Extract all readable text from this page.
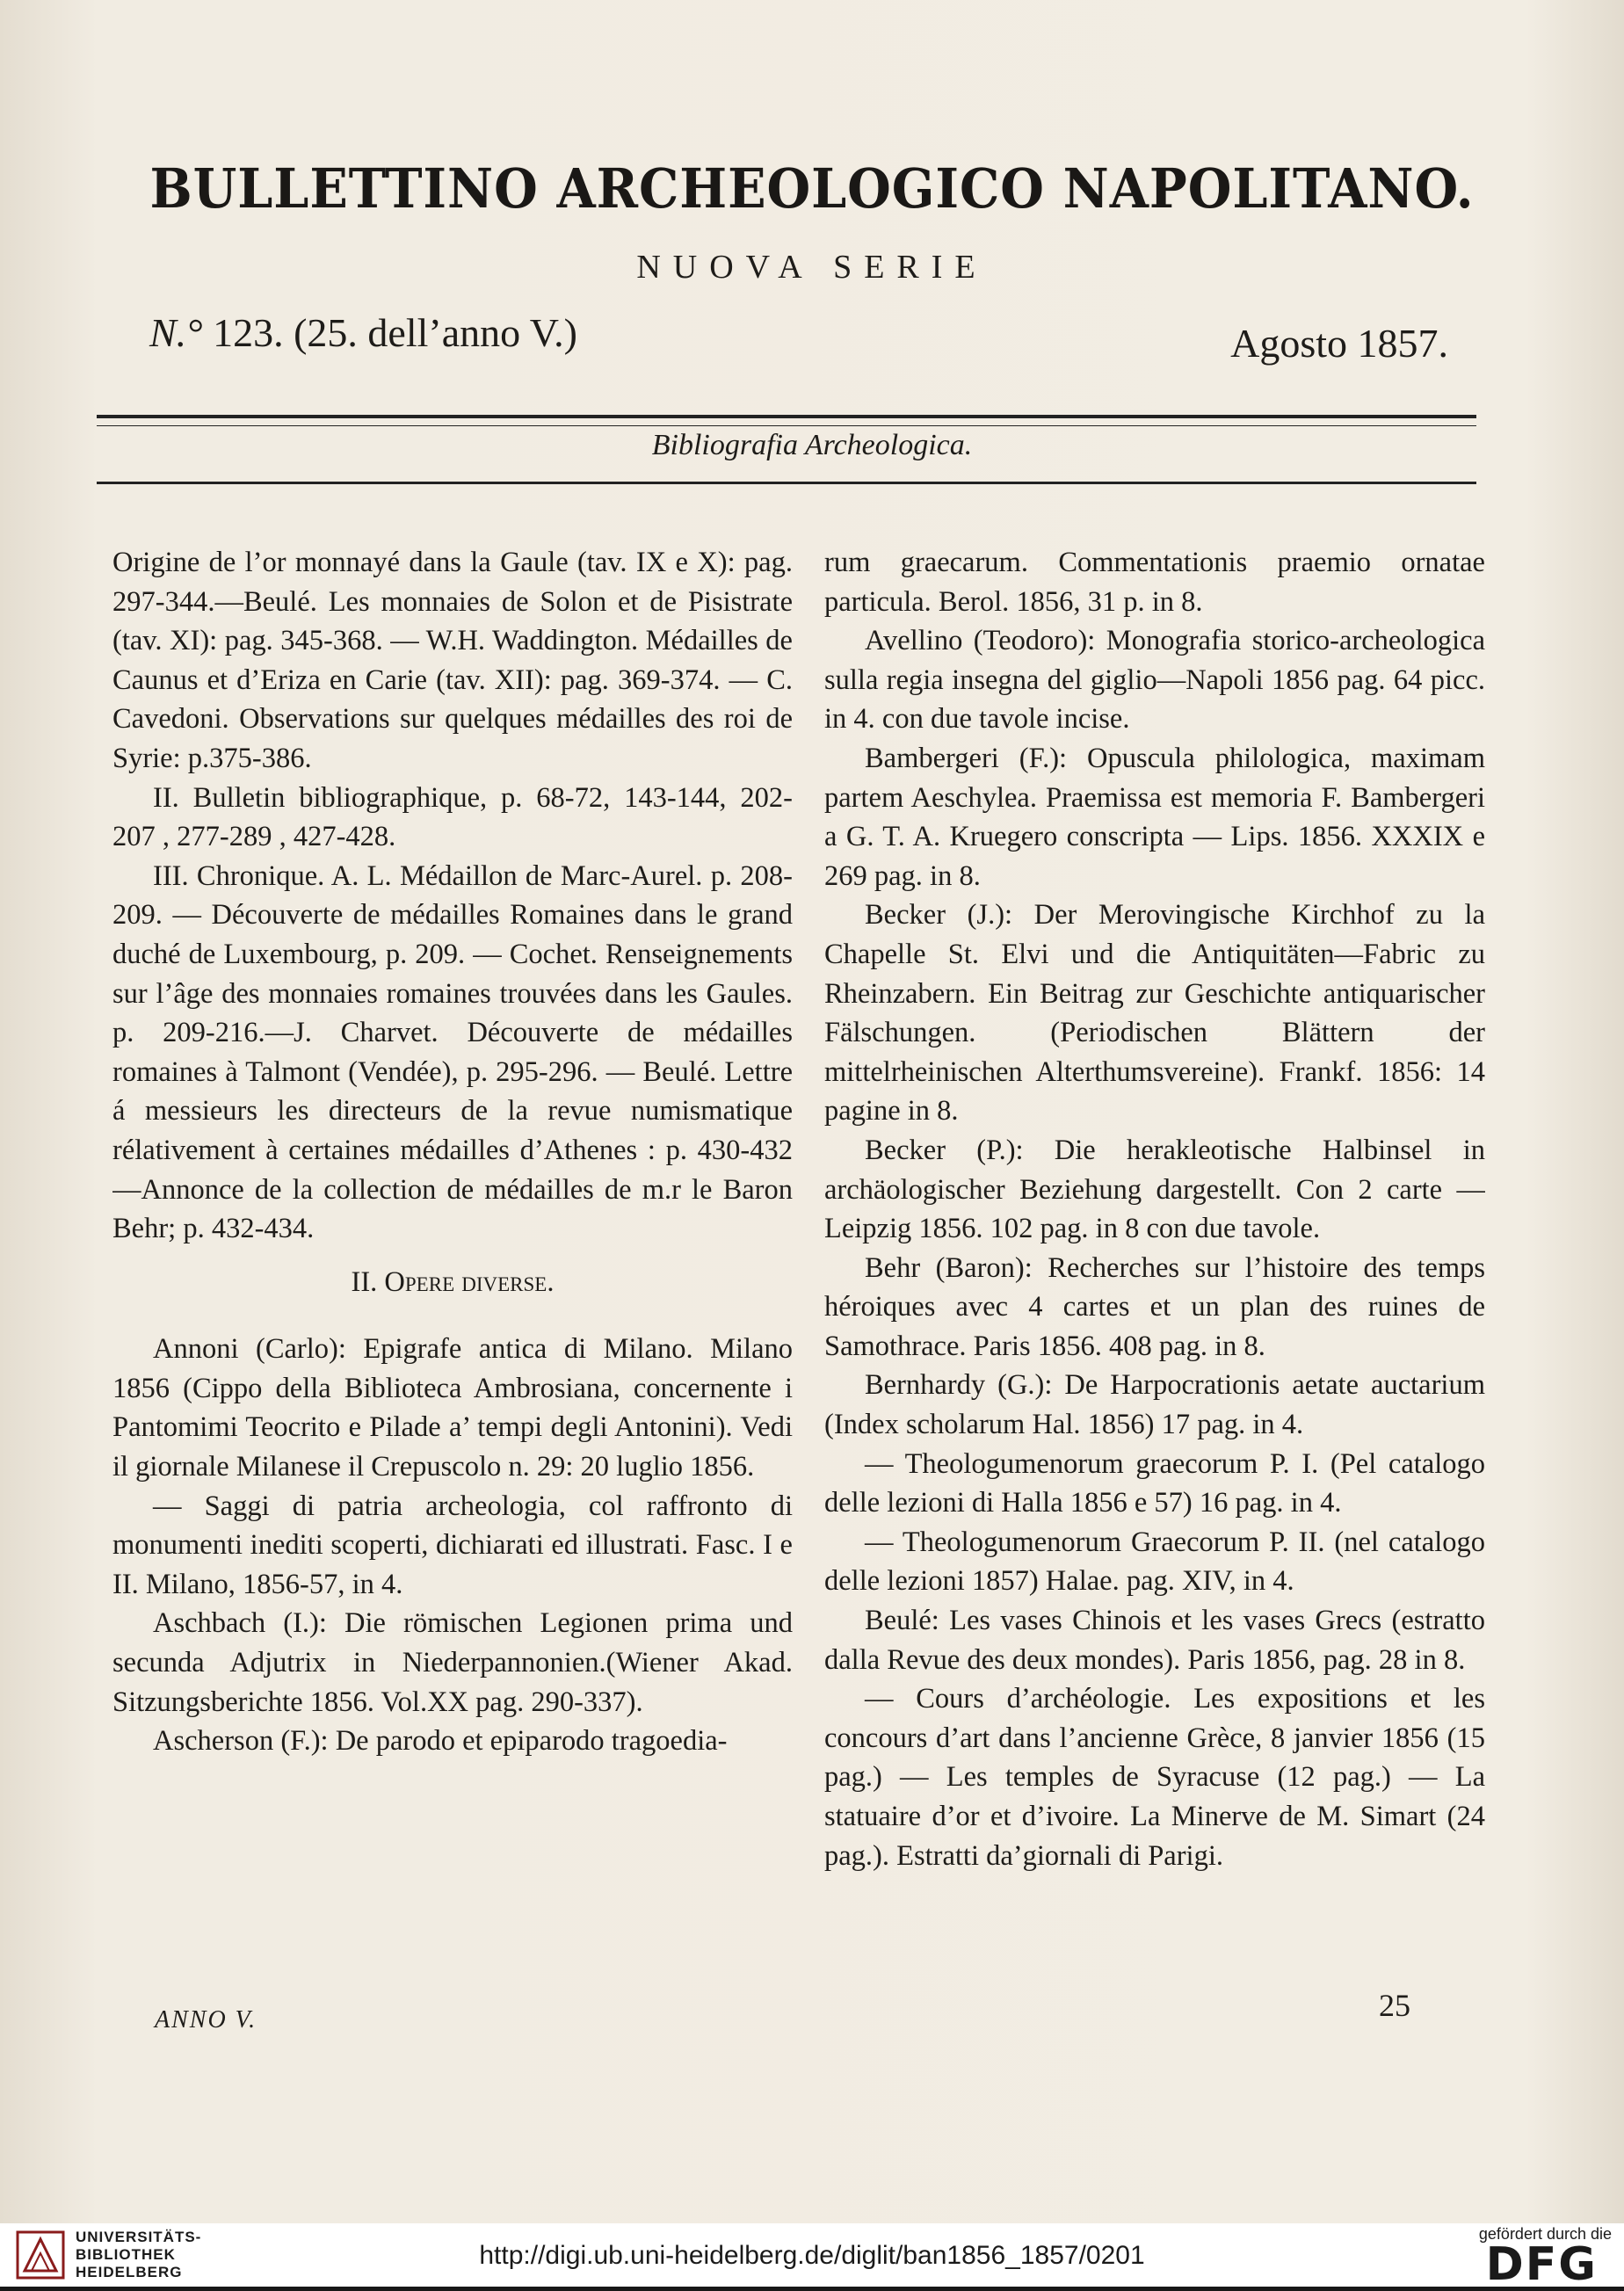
BULLETTINO ARCHEOLOGICO NAPOLITANO.
NUOVA SERIE
N.° 123. (25. dell’anno V.)	Agosto 1857.
Bibliografia Archeologica.

Origine de l’or monnayé dans la Gaule (tav. IX e X): pag. 297-344.—Beulé. Les monnaies de Solon et de Pisistrate (tav. XI): pag. 345-368. — W.H. Waddington. Médailles de Caunus et d’Eriza en Carie (tav. XII): pag. 369-374. — C. Cavedoni. Observations sur quelques médailles des roi de Syrie: p.375-386.

II. Bulletin bibliographique, p. 68-72, 143-144, 202-207 , 277-289 , 427-428.

III. Chronique. A. L. Médaillon de Marc-Aurel. p. 208-209. — Découverte de médailles Romaines dans le grand duché de Luxembourg, p. 209. — Cochet. Renseignements sur l’âge des monnaies romaines trouvées dans les Gaules. p. 209-216.—J. Charvet. Découverte de médailles romaines à Talmont (Vendée), p. 295-296. — Beulé. Lettre á messieurs les directeurs de la revue numismatique rélativement à certaines médailles d’Athenes : p. 430-432—Annonce de la collection de médailles de m.r le Baron Behr; p. 432-434.

II. Opere diverse.

Annoni (Carlo): Epigrafe antica di Milano. Milano 1856 (Cippo della Biblioteca Ambrosiana, concernente i Pantomimi Teocrito e Pilade a’ tempi degli Antonini). Vedi il giornale Milanese il Crepuscolo n. 29: 20 luglio 1856.

— Saggi di patria archeologia, col raffronto di monumenti inediti scoperti, dichiarati ed illustrati. Fasc. I e II. Milano, 1856-57, in 4.

Aschbach (I.): Die römischen Legionen prima und secunda Adjutrix in Niederpannonien.(Wiener Akad. Sitzungsberichte 1856. Vol.XX pag. 290-337).

Ascherson (F.): De parodo et epiparodo tragoedia-

rum graecarum. Commentationis praemio ornatae particula. Berol. 1856, 31 p. in 8.

Avellino (Teodoro): Monografia storico-archeologica sulla regia insegna del giglio—Napoli 1856 pag. 64 picc. in 4. con due tavole incise.

Bambergeri (F.): Opuscula philologica, maximam partem Aeschylea. Praemissa est memoria F. Bambergeri a G. T. A. Kruegero conscripta — Lips. 1856. XXXIX e 269 pag. in 8.

Becker (J.): Der Merovingische Kirchhof zu la Chapelle St. Elvi und die Antiquitäten—Fabric zu Rheinzabern. Ein Beitrag zur Geschichte antiquarischer Fälschungen. (Periodischen Blättern der mittelrheinischen Alterthumsvereine). Frankf. 1856: 14 pagine in 8.

Becker (P.): Die herakleotische Halbinsel in archäologischer Beziehung dargestellt. Con 2 carte — Leipzig 1856. 102 pag. in 8 con due tavole.

Behr (Baron): Recherches sur l’histoire des temps héroiques avec 4 cartes et un plan des ruines de Samothrace. Paris 1856. 408 pag. in 8.

Bernhardy (G.): De Harpocrationis aetate auctarium (Index scholarum Hal. 1856) 17 pag. in 4.

— Theologumenorum graecorum P. I. (Pel catalogo delle lezioni di Halla 1856 e 57) 16 pag. in 4.

— Theologumenorum Graecorum P. II. (nel catalogo delle lezioni 1857) Halae. pag. XIV, in 4.

Beulé: Les vases Chinois et les vases Grecs (estratto dalla Revue des deux mondes). Paris 1856, pag. 28 in 8.

— Cours d’archéologie. Les expositions et les concours d’art dans l’ancienne Grèce, 8 janvier 1856 (15 pag.) — Les temples de Syracuse (12 pag.) — La statuaire d’or et d’ivoire. La Minerve de M. Simart (24 pag.). Estratti da’giornali di Parigi.

ANNO V.	25
UNIVERSITÄTS-
BIBLIOTHEK
HEIDELBERG
http://digi.ub.uni-heidelberg.de/diglit/ban1856_1857/0201
gefördert durch die
DFG
